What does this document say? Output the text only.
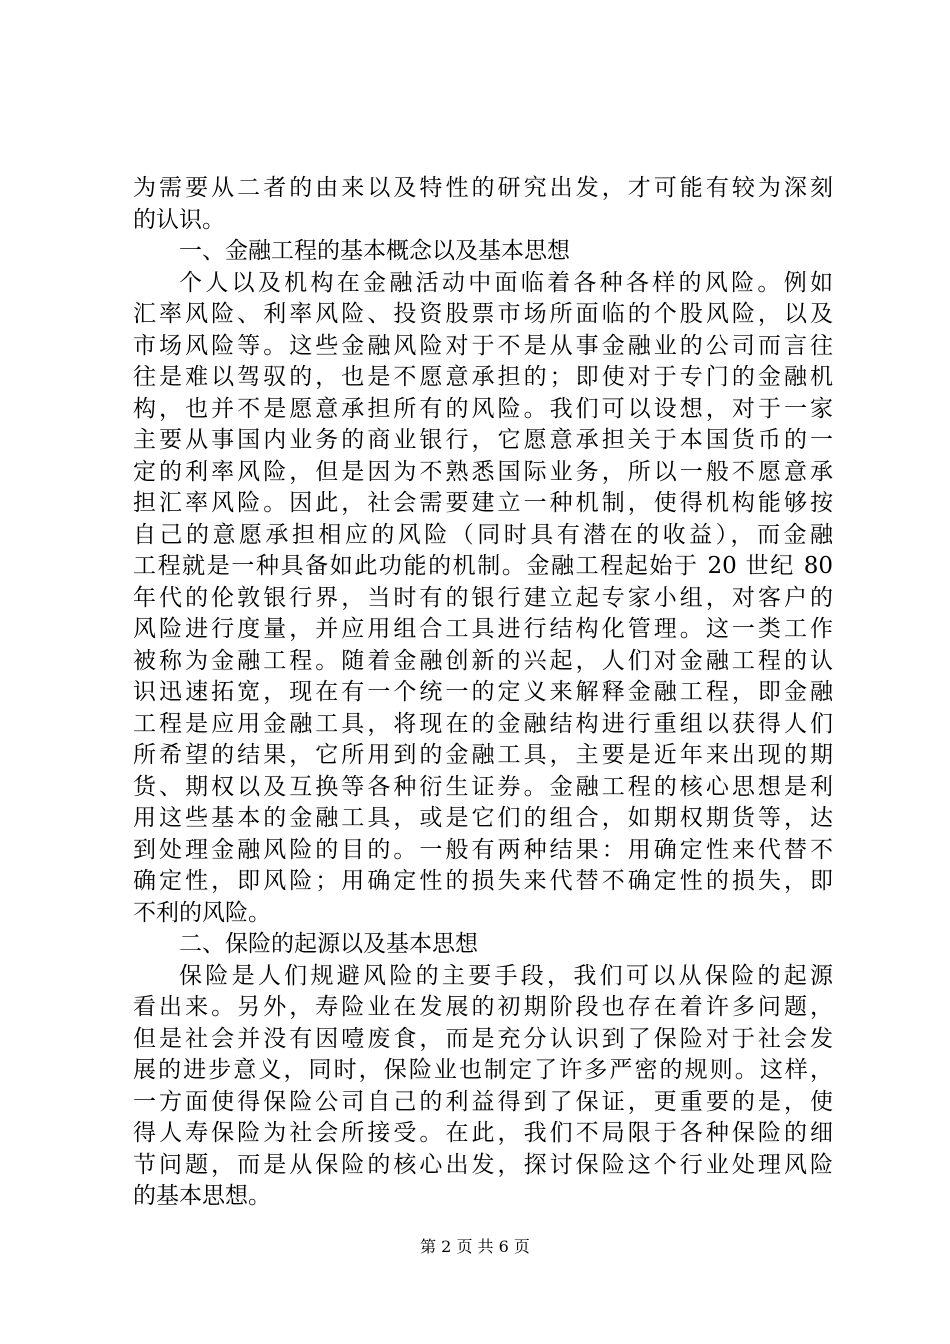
为需要从二者的由来以及特性的研究出发，才可能有较为深刻
的认识。
一、金融工程的基本概念以及基本思想
个人以及机构在金融活动中面临着各种各样的风险。例如
汇率风险、利率风险、投资股票市场所面临的个股风险，以及
市场风险等。这些金融风险对于不是从事金融业的公司而言往
往是难以驾驭的，也是不愿意承担的；即使对于专门的金融机
构，也并不是愿意承担所有的风险。我们可以设想，对于一家
主要从事国内业务的商业银行，它愿意承担关于本国货币的一
定的利率风险，但是因为不熟悉国际业务，所以一般不愿意承
担汇率风险。因此，社会需要建立一种机制，使得机构能够按
自己的意愿承担相应的风险（同时具有潜在的收益），而金融
工程就是一种具备如此功能的机制。金融工程起始于 20 世纪 80
年代的伦敦银行界，当时有的银行建立起专家小组，对客户的
风险进行度量，并应用组合工具进行结构化管理。这一类工作
被称为金融工程。随着金融创新的兴起，人们对金融工程的认
识迅速拓宽，现在有一个统一的定义来解释金融工程，即金融
工程是应用金融工具，将现在的金融结构进行重组以获得人们
所希望的结果，它所用到的金融工具，主要是近年来出现的期
货、期权以及互换等各种衍生证券。金融工程的核心思想是利
用这些基本的金融工具，或是它们的组合，如期权期货等，达
到处理金融风险的目的。一般有两种结果：用确定性来代替不
确定性，即风险；用确定性的损失来代替不确定性的损失，即
不利的风险。
二、保险的起源以及基本思想
保险是人们规避风险的主要手段，我们可以从保险的起源
看出来。另外，寿险业在发展的初期阶段也存在着许多问题，
但是社会并没有因噎废食，而是充分认识到了保险对于社会发
展的进步意义，同时，保险业也制定了许多严密的规则。这样，
一方面使得保险公司自己的利益得到了保证，更重要的是，使
得人寿保险为社会所接受。在此，我们不局限于各种保险的细
节问题，而是从保险的核心出发，探讨保险这个行业处理风险
的基本思想。
第 2 页 共 6 页
